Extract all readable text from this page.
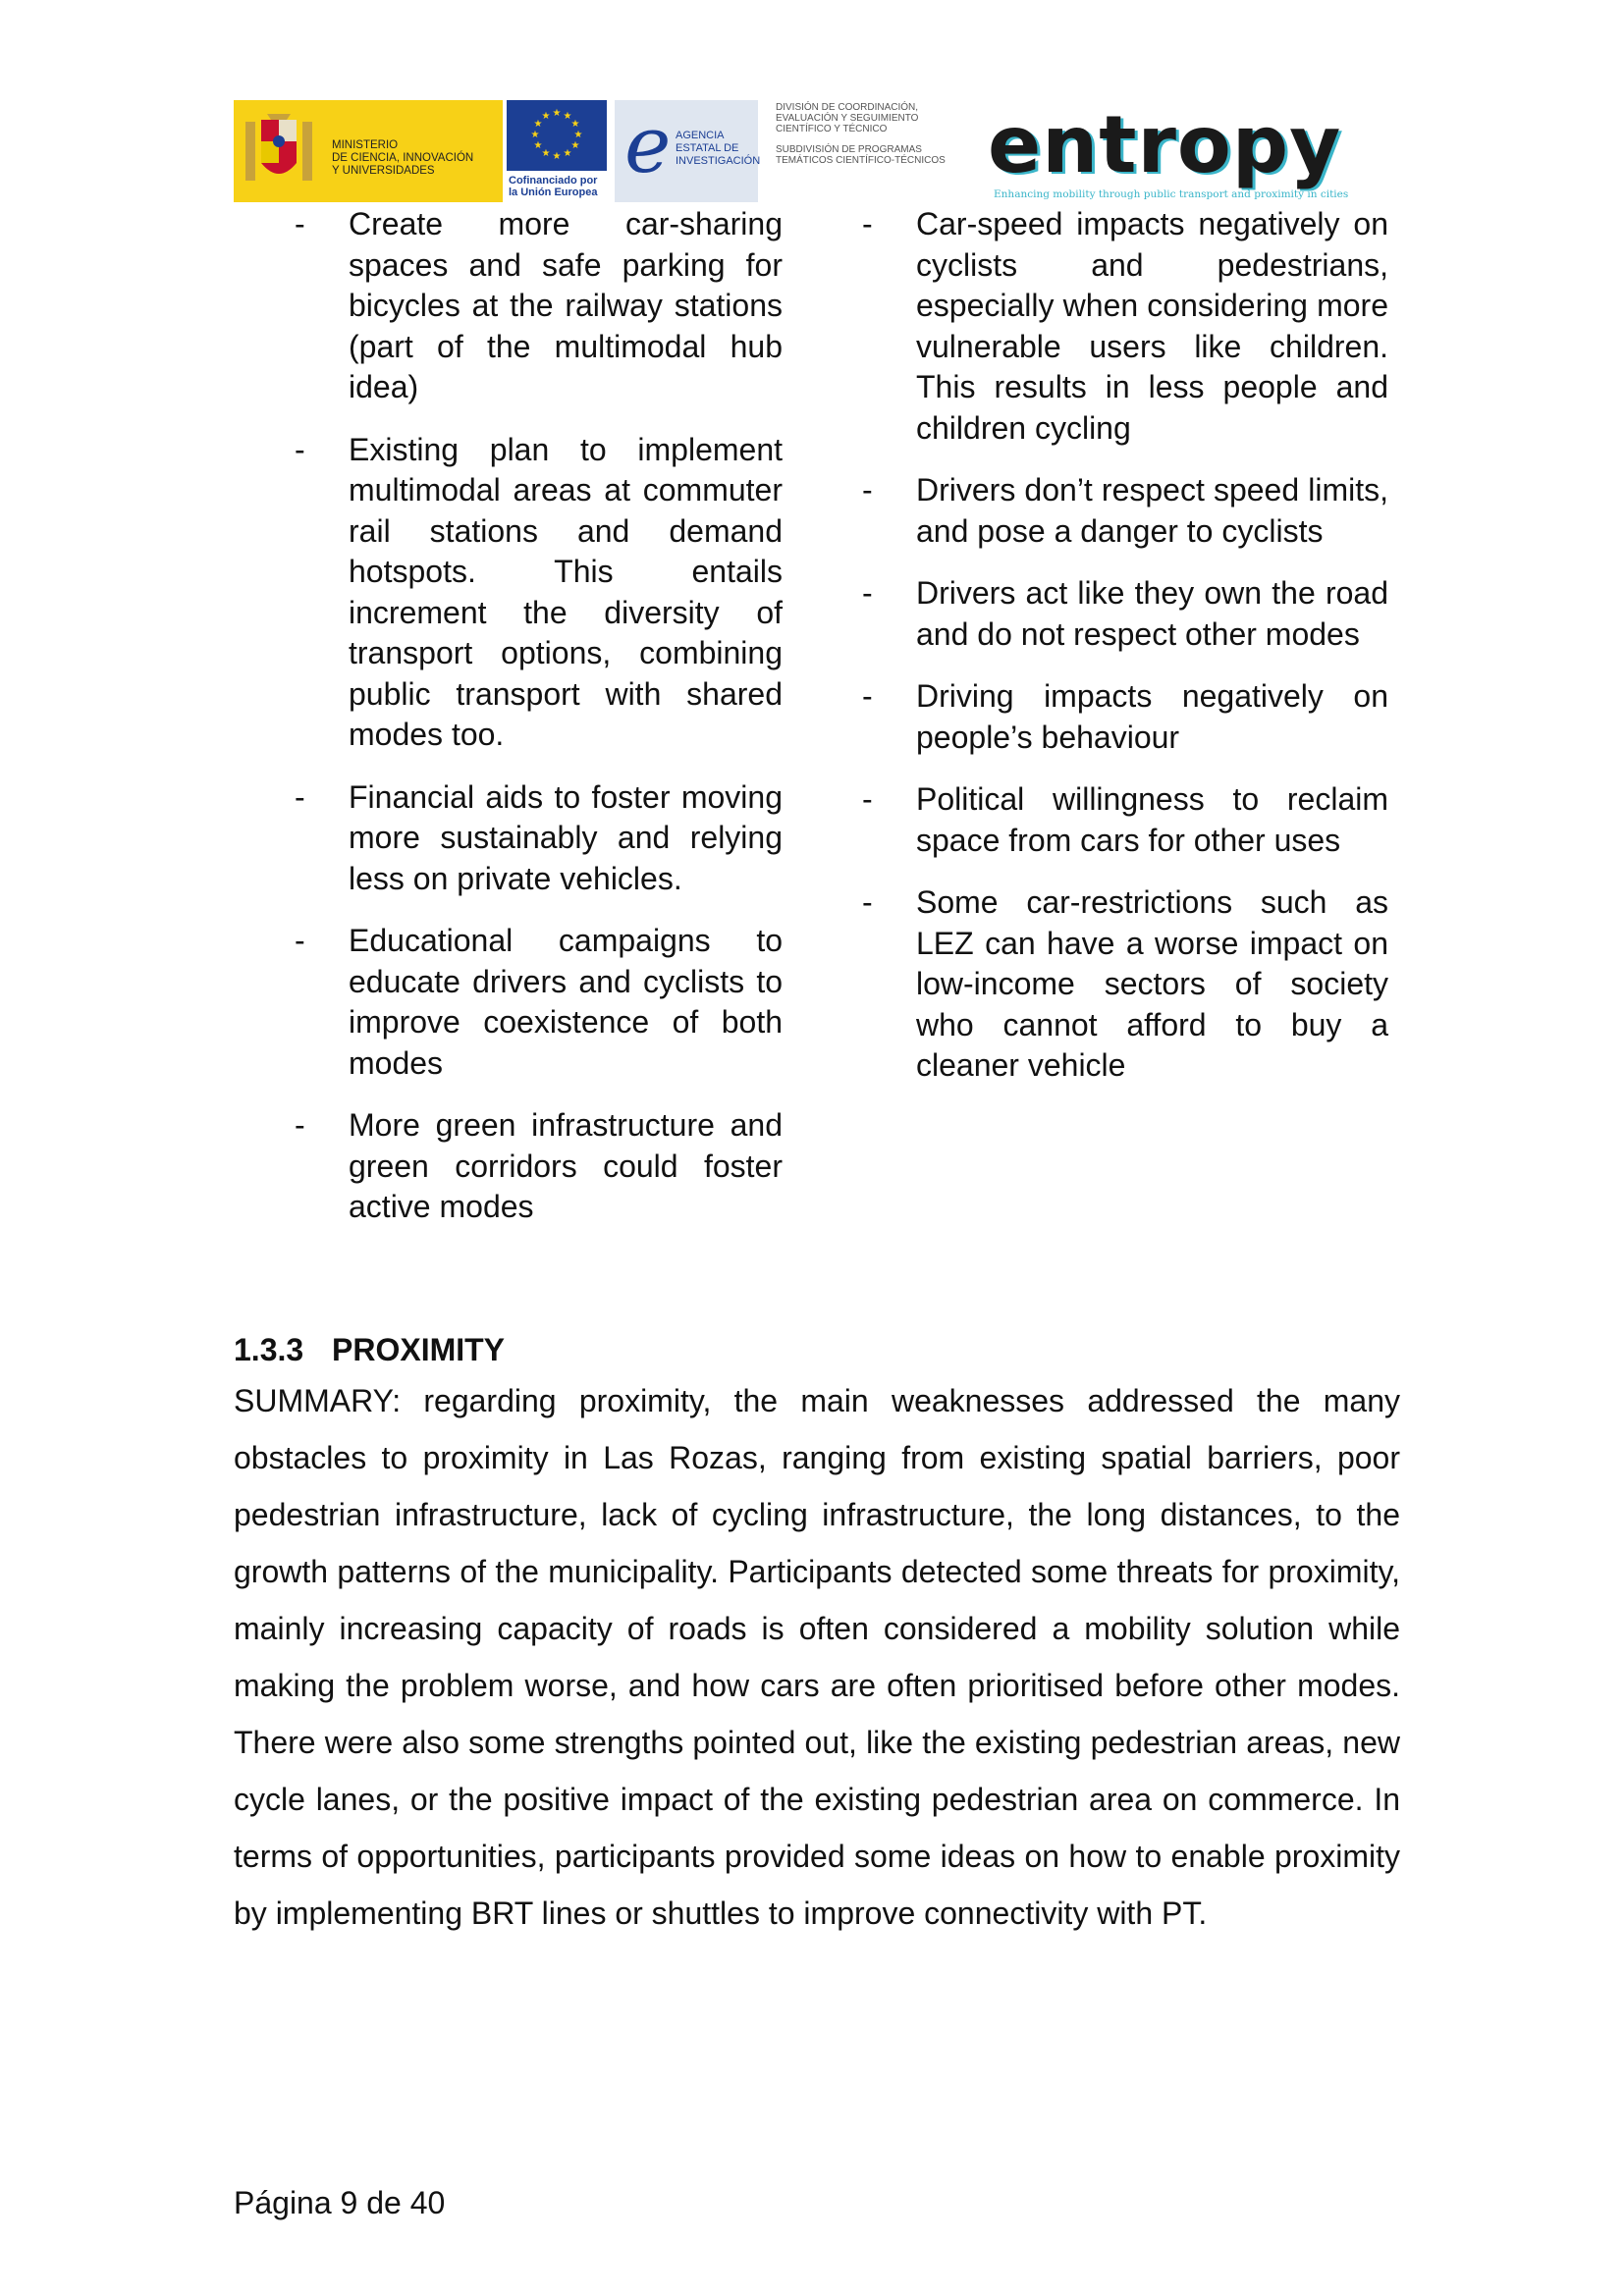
MINISTERIO
DE CIENCIA, INNOVACIÓN
Y UNIVERSIDADES
★ ★
★
★
★
★
★
★
★
★
★
★
Cofinanciado por
la Unión Europea
e AGENCIA
ESTATAL DE
INVESTIGACIÓN
DIVISIÓN DE COORDINACIÓN,
EVALUACIÓN Y SEGUIMIENTO
CIENTÍFICO Y TÉCNICO
SUBDIVISIÓN DE PROGRAMAS
TEMÁTICOS CIENTÍFICO-TÉCNICOS entropy
Enhancing mobility through public transport and proximity in cities
- Create more car-sharing spaces and safe parking for bicycles at the railway stations (part of the multimodal hub idea)
- Existing plan to implement multimodal areas at commuter rail stations and demand hotspots. This entails increment the diversity of transport options, combining public transport with shared modes too.
- Financial aids to foster moving more sustainably and relying less on private vehicles.
- Educational campaigns to educate drivers and cyclists to improve coexistence of both modes
- More green infrastructure and green corridors could foster active modes
- Car-speed impacts negatively on cyclists and pedestrians, especially when considering more vulnerable users like children. This results in less people and children cycling
- Drivers don’t respect speed limits, and pose a danger to cyclists
- Drivers act like they own the road and do not respect other modes
- Driving impacts negatively on people’s behaviour
- Political willingness to reclaim space from cars for other uses
- Some car-restrictions such as LEZ can have a worse impact on low-income sectors of society who cannot afford to buy a cleaner vehicle
1.3.3 PROXIMITY
SUMMARY: regarding proximity, the main weaknesses addressed the many obstacles to proximity in Las Rozas, ranging from existing spatial barriers, poor pedestrian infrastructure, lack of cycling infrastructure, the long distances, to the growth patterns of the municipality. Participants detected some threats for proximity, mainly increasing capacity of roads is often considered a mobility solution while making the problem worse, and how cars are often prioritised before other modes. There were also some strengths pointed out, like the existing pedestrian areas, new cycle lanes, or the positive impact of the existing pedestrian area on commerce. In terms of opportunities, participants provided some ideas on how to enable proximity by implementing BRT lines or shuttles to improve connectivity with PT.
Página 9 de 40
